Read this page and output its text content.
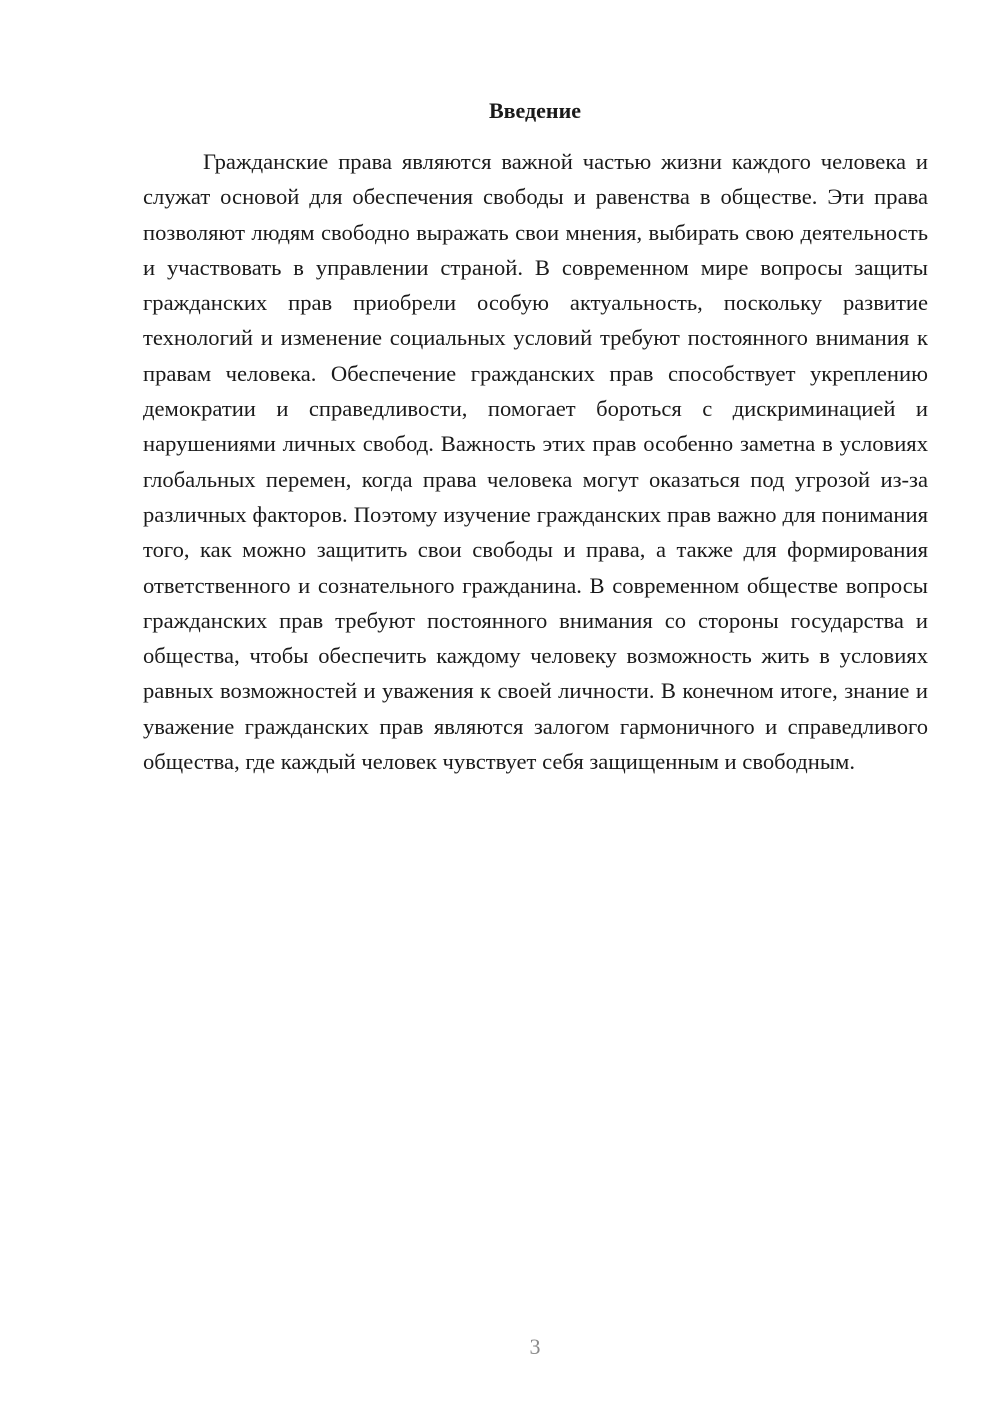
Введение

Гражданские права являются важной частью жизни каждого человека и служат основой для обеспечения свободы и равенства в обществе. Эти права позволяют людям свободно выражать свои мнения, выбирать свою деятельность и участвовать в управлении страной. В современном мире вопросы защиты гражданских прав приобрели особую актуальность, поскольку развитие технологий и изменение социальных условий требуют постоянного внимания к правам человека. Обеспечение гражданских прав способствует укреплению демократии и справедливости, помогает бороться с дискриминацией и нарушениями личных свобод. Важность этих прав особенно заметна в условиях глобальных перемен, когда права человека могут оказаться под угрозой из-за различных факторов. Поэтому изучение гражданских прав важно для понимания того, как можно защитить свои свободы и права, а также для формирования ответственного и сознательного гражданина. В современном обществе вопросы гражданских прав требуют постоянного внимания со стороны государства и общества, чтобы обеспечить каждому человеку возможность жить в условиях равных возможностей и уважения к своей личности. В конечном итоге, знание и уважение гражданских прав являются залогом гармоничного и справедливого общества, где каждый человек чувствует себя защищенным и свободным.

3
